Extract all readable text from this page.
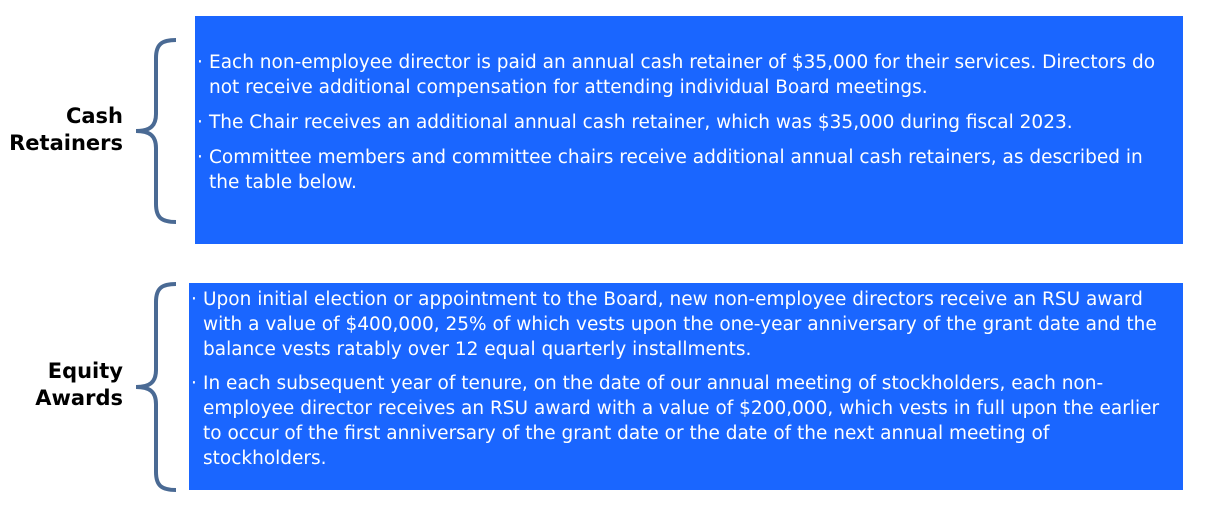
Cash
Retainers
· Each non-employee director is paid an annual cash retainer of $35,000 for their services. Directors do not receive additional compensation for attending individual Board meetings.
· The Chair receives an additional annual cash retainer, which was $35,000 during fiscal 2023.
· Committee members and committee chairs receive additional annual cash retainers, as described in the table below.
Equity
Awards
· Upon initial election or appointment to the Board, new non-employee directors receive an RSU award with a value of $400,000, 25% of which vests upon the one-year anniversary of the grant date and the balance vests ratably over 12 equal quarterly installments.
· In each subsequent year of tenure, on the date of our annual meeting of stockholders, each non-employee director receives an RSU award with a value of $200,000, which vests in full upon the earlier to occur of the first anniversary of the grant date or the date of the next annual meeting of stockholders.
